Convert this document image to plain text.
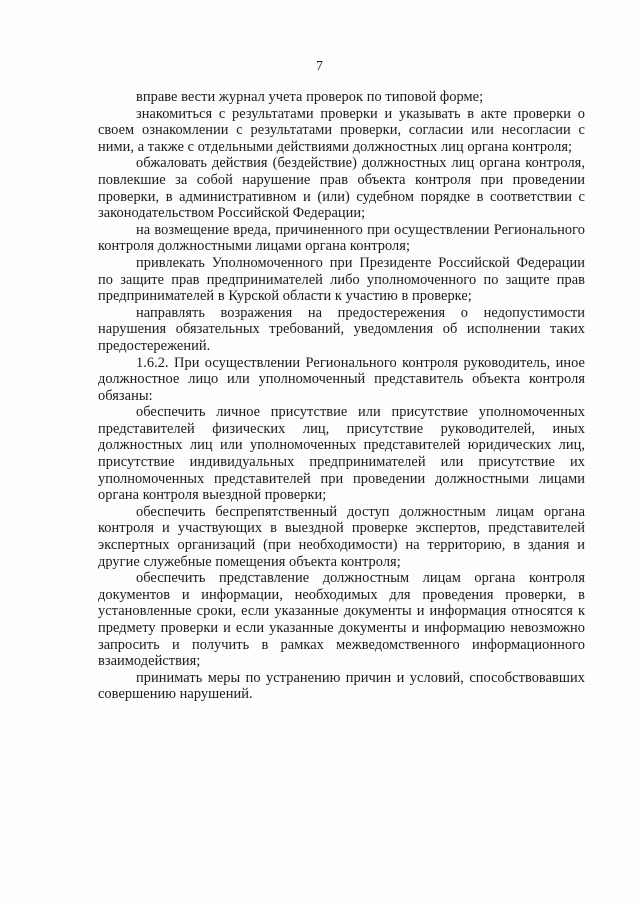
7

вправе вести журнал учета проверок по типовой форме;

знакомиться с результатами проверки и указывать в акте проверки о своем ознакомлении с результатами проверки, согласии или несогласии с ними, а также с отдельными действиями должностных лиц органа контроля;

обжаловать действия (бездействие) должностных лиц органа контроля, повлекшие за собой нарушение прав объекта контроля при проведении проверки, в административном и (или) судебном порядке в соответствии с законодательством Российской Федерации;

на возмещение вреда, причиненного при осуществлении Регионального контроля должностными лицами органа контроля;

привлекать Уполномоченного при Президенте Российской Федерации по защите прав предпринимателей либо уполномоченного по защите прав предпринимателей в Курской области к участию в проверке;

направлять возражения на предостережения о недопустимости нарушения обязательных требований, уведомления об исполнении таких предостережений.

1.6.2. При осуществлении Регионального контроля руководитель, иное должностное лицо или уполномоченный представитель объекта контроля обязаны:

обеспечить личное присутствие или присутствие уполномоченных представителей физических лиц, присутствие руководителей, иных должностных лиц или уполномоченных представителей юридических лиц, присутствие индивидуальных предпринимателей или присутствие их уполномоченных представителей при проведении должностными лицами органа контроля выездной проверки;

обеспечить беспрепятственный доступ должностным лицам органа контроля и участвующих в выездной проверке экспертов, представителей экспертных организаций (при необходимости) на территорию, в здания и другие служебные помещения объекта контроля;

обеспечить представление должностным лицам органа контроля документов и информации, необходимых для проведения проверки, в установленные сроки, если указанные документы и информация относятся к предмету проверки и если указанные документы и информацию невозможно запросить и получить в рамках межведомственного информационного взаимодействия;

принимать меры по устранению причин и условий, способствовавших совершению нарушений.
